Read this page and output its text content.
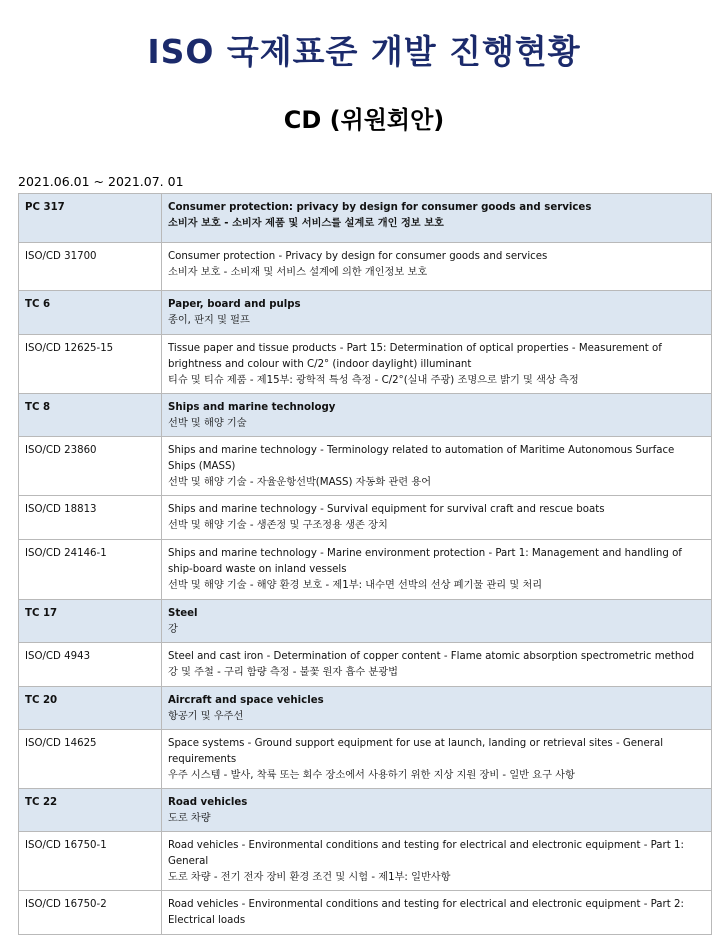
ISO 국제표준 개발 진행현황
CD (위원회안)
2021.06.01 ~ 2021.07. 01
PC 317	Consumer protection: privacy by design for consumer goods and services
소비자 보호 - 소비자 제품 및 서비스를 설계로 개인 정보 보호

ISO/CD 31700	Consumer protection - Privacy by design for consumer goods and services
소비자 보호 - 소비재 및 서비스 설계에 의한 개인정보 보호

TC 6	Paper, board and pulps
종이, 판지 및 펄프

ISO/CD 12625-15	Tissue paper and tissue products - Part 15: Determination of optical properties - Measurement of brightness and colour with C/2° (indoor daylight) illuminant
티슈 및 티슈 제품 - 제15부: 광학적 특성 측정 - C/2°(실내 주광) 조명으로 밝기 및 색상 측정

TC 8	Ships and marine technology
선박 및 해양 기술

ISO/CD 23860	Ships and marine technology - Terminology related to automation of Maritime Autonomous Surface Ships (MASS)
선박 및 해양 기술 - 자율운항선박(MASS) 자동화 관련 용어

ISO/CD 18813	Ships and marine technology - Survival equipment for survival craft and rescue boats
선박 및 해양 기술 - 생존정 및 구조정용 생존 장치

ISO/CD 24146-1	Ships and marine technology - Marine environment protection - Part 1: Management and handling of ship-board waste on inland vessels
선박 및 해양 기술 - 해양 환경 보호 - 제1부: 내수면 선박의 선상 폐기물 관리 및 처리

TC 17	Steel
강

ISO/CD 4943	Steel and cast iron - Determination of copper content - Flame atomic absorption spectrometric method
강 및 주철 - 구리 함량 측정 - 불꽃 원자 흡수 분광법

TC 20	Aircraft and space vehicles
항공기 및 우주선

ISO/CD 14625	Space systems - Ground support equipment for use at launch, landing or retrieval sites - General requirements
우주 시스템 - 발사, 착륙 또는 회수 장소에서 사용하기 위한 지상 지원 장비 - 일반 요구 사항

TC 22	Road vehicles
도로 차량

ISO/CD 16750-1	Road vehicles - Environmental conditions and testing for electrical and electronic equipment - Part 1: General
도로 차량 - 전기 전자 장비 환경 조건 및 시험 - 제1부: 일반사항

ISO/CD 16750-2	Road vehicles - Environmental conditions and testing for electrical and electronic equipment - Part 2: Electrical loads
